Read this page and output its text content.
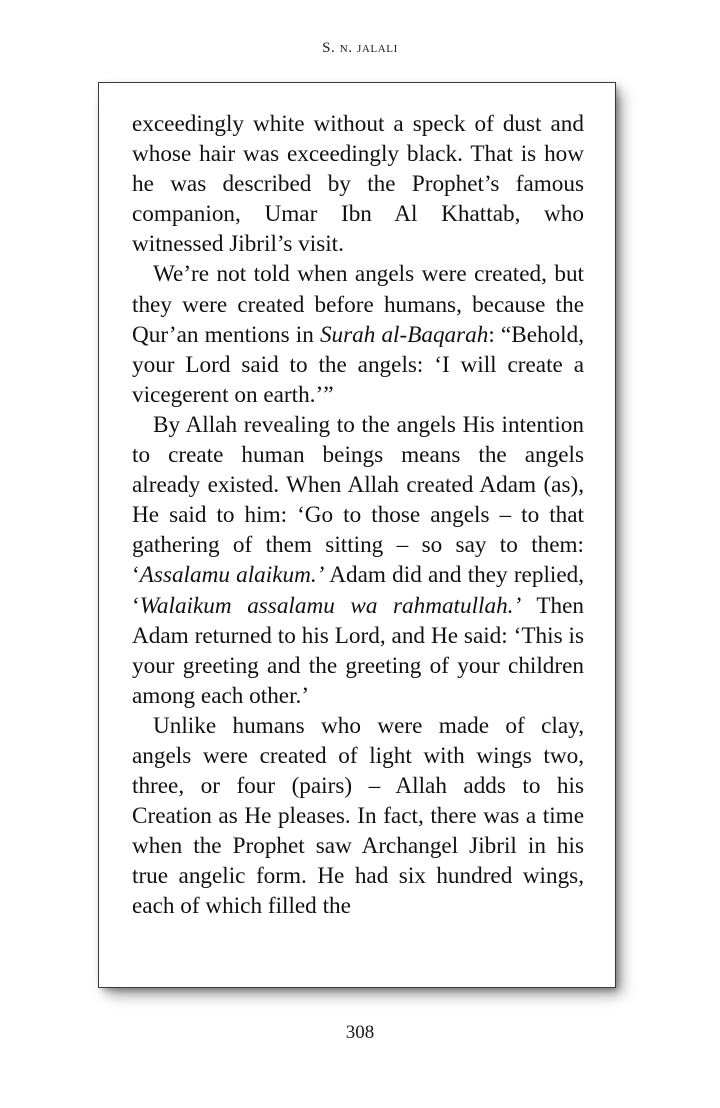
S. n. jalali

exceedingly white without a speck of dust and whose hair was exceedingly black. That is how he was described by the Prophet’s famous companion, Umar Ibn Al Khattab, who witnessed Jibril’s visit.

We’re not told when angels were created, but they were created before humans, because the Qur’an mentions in Surah al-Baqarah: “Behold, your Lord said to the angels: ‘I will create a vicegerent on earth.’”

By Allah revealing to the angels His intention to create human beings means the angels already existed. When Allah created Adam (as), He said to him: ‘Go to those angels – to that gathering of them sitting – so say to them: ‘Assalamu alaikum.’ Adam did and they replied, ‘Walaikum assalamu wa rahmatullah.’ Then Adam returned to his Lord, and He said: ‘This is your greeting and the greeting of your children among each other.’

Unlike humans who were made of clay, angels were created of light with wings two, three, or four (pairs) – Allah adds to his Creation as He pleases. In fact, there was a time when the Prophet saw Archangel Jibril in his true angelic form. He had six hundred wings, each of which filled the

308
